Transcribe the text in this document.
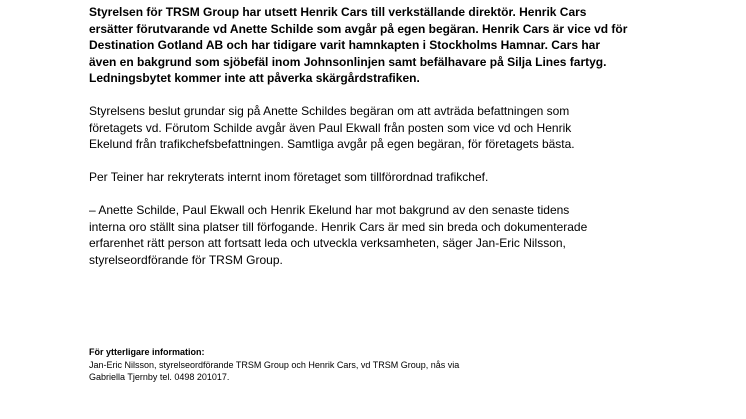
Styrelsen för TRSM Group har utsett Henrik Cars till verkställande direktör. Henrik Cars
ersätter förutvarande vd Anette Schilde som avgår på egen begäran. Henrik Cars är vice vd för
Destination Gotland AB och har tidigare varit hamnkapten i Stockholms Hamnar. Cars har
även en bakgrund som sjöbefäl inom Johnsonlinjen samt befälhavare på Silja Lines fartyg.
Ledningsbytet kommer inte att påverka skärgårdstrafiken.

Styrelsens beslut grundar sig på Anette Schildes begäran om att avträda befattningen som
företagets vd. Förutom Schilde avgår även Paul Ekwall från posten som vice vd och Henrik
Ekelund från trafikchefsbefattningen. Samtliga avgår på egen begäran, för företagets bästa.

Per Teiner har rekryterats internt inom företaget som tillförordnad trafikchef.

– Anette Schilde, Paul Ekwall och Henrik Ekelund har mot bakgrund av den senaste tidens
interna oro ställt sina platser till förfogande. Henrik Cars är med sin breda och dokumenterade
erfarenhet rätt person att fortsatt leda och utveckla verksamheten, säger Jan-Eric Nilsson,
styrelseordförande för TRSM Group.

För ytterligare information:
Jan-Eric Nilsson, styrelseordförande TRSM Group och Henrik Cars, vd TRSM Group, nås via
Gabriella Tjernby tel. 0498 201017.
